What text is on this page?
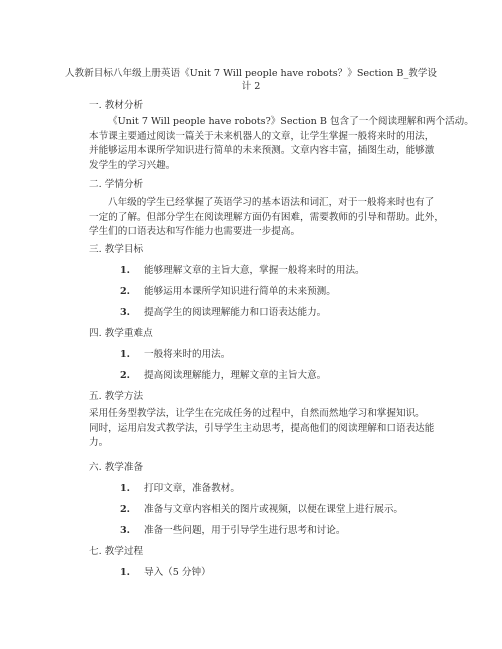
人教新目标八年级上册英语《Unit 7 Will people have robots？》Section B_教学设
计 2
一. 教材分析
《Unit 7 Will people have robots?》Section B 包含了一个阅读理解和两个活动。
本节课主要通过阅读一篇关于未来机器人的文章，让学生掌握一般将来时的用法，
并能够运用本课所学知识进行简单的未来预测。文章内容丰富，插图生动，能够激
发学生的学习兴趣。
二. 学情分析
八年级的学生已经掌握了英语学习的基本语法和词汇，对于一般将来时也有了
一定的了解。但部分学生在阅读理解方面仍有困难，需要教师的引导和帮助。此外，
学生们的口语表达和写作能力也需要进一步提高。
三. 教学目标
1. 能够理解文章的主旨大意，掌握一般将来时的用法。
2. 能够运用本课所学知识进行简单的未来预测。
3. 提高学生的阅读理解能力和口语表达能力。
四. 教学重难点
1. 一般将来时的用法。
2. 提高阅读理解能力，理解文章的主旨大意。
五. 教学方法
采用任务型教学法，让学生在完成任务的过程中，自然而然地学习和掌握知识。
同时，运用启发式教学法，引导学生主动思考，提高他们的阅读理解和口语表达能
力。
六. 教学准备
1. 打印文章，准备教材。
2. 准备与文章内容相关的图片或视频，以便在课堂上进行展示。
3. 准备一些问题，用于引导学生进行思考和讨论。
七. 教学过程
1. 导入（5 分钟）
